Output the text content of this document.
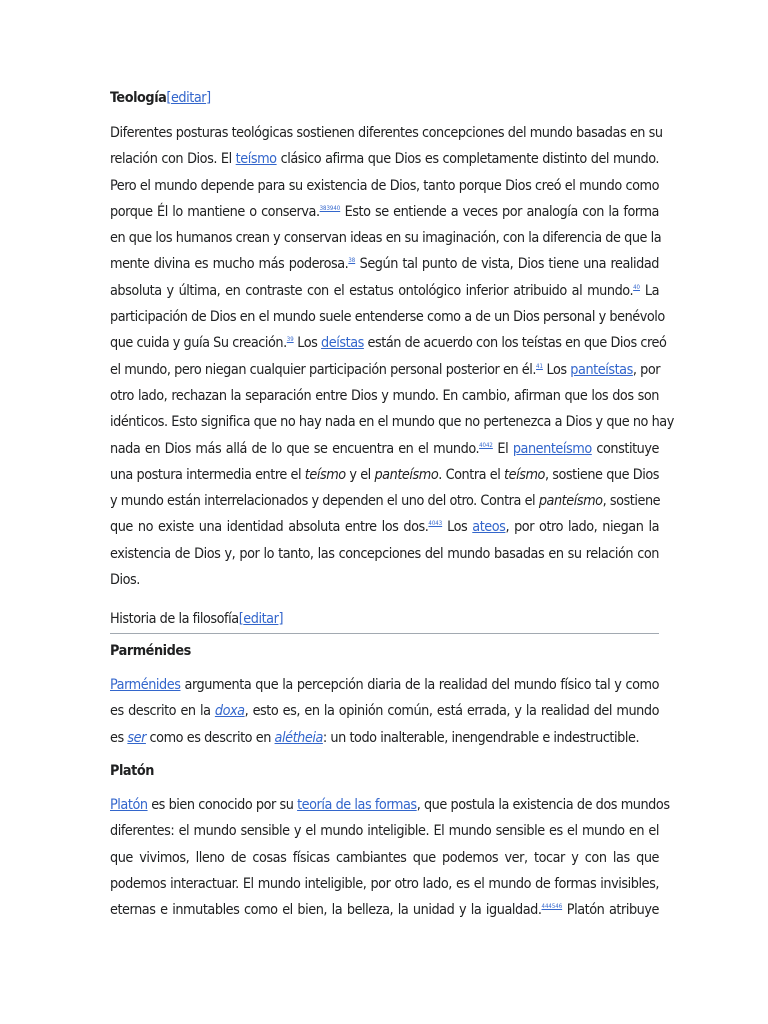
Teología[editar]
Diferentes posturas teológicas sostienen diferentes concepciones del mundo basadas en su
relación con Dios. El teísmo clásico afirma que Dios es completamente distinto del mundo.
Pero el mundo depende para su existencia de Dios, tanto porque Dios creó el mundo como
porque Él lo mantiene o conserva.$^{383940}$ Esto se entiende a veces por analogía con la forma
en que los humanos crean y conservan ideas en su imaginación, con la diferencia de que la
mente divina es mucho más poderosa.$^{38}$ Según tal punto de vista, Dios tiene una realidad
absoluta y última, en contraste con el estatus ontológico inferior atribuido al mundo.$^{40}$ La
participación de Dios en el mundo suele entenderse como a de un Dios personal y benévolo
que cuida y guía Su creación.$^{39}$ Los deístas están de acuerdo con los teístas en que Dios creó
el mundo, pero niegan cualquier participación personal posterior en él.$^{41}$ Los panteístas, por
otro lado, rechazan la separación entre Dios y mundo. En cambio, afirman que los dos son
idénticos. Esto significa que no hay nada en el mundo que no pertenezca a Dios y que no hay
nada en Dios más allá de lo que se encuentra en el mundo.$^{4042}$ El panenteísmo constituye
una postura intermedia entre el teísmo y el panteísmo. Contra el teísmo, sostiene que Dios
y mundo están interrelacionados y dependen el uno del otro. Contra el panteísmo, sostiene
que no existe una identidad absoluta entre los dos.$^{4043}$ Los ateos, por otro lado, niegan la
existencia de Dios y, por lo tanto, las concepciones del mundo basadas en su relación con
Dios.
Historia de la filosofía[editar]
Parménides
Parménides argumenta que la percepción diaria de la realidad del mundo físico tal y como
es descrito en la doxa, esto es, en la opinión común, está errada, y la realidad del mundo
es ser como es descrito en alétheia: un todo inalterable, inengendrable e indestructible.
Platón
Platón es bien conocido por su teoría de las formas, que postula la existencia de dos mundos
diferentes: el mundo sensible y el mundo inteligible. El mundo sensible es el mundo en el
que vivimos, lleno de cosas físicas cambiantes que podemos ver, tocar y con las que
podemos interactuar. El mundo inteligible, por otro lado, es el mundo de formas invisibles,
eternas e inmutables como el bien, la belleza, la unidad y la igualdad.$^{444546}$ Platón atribuye
